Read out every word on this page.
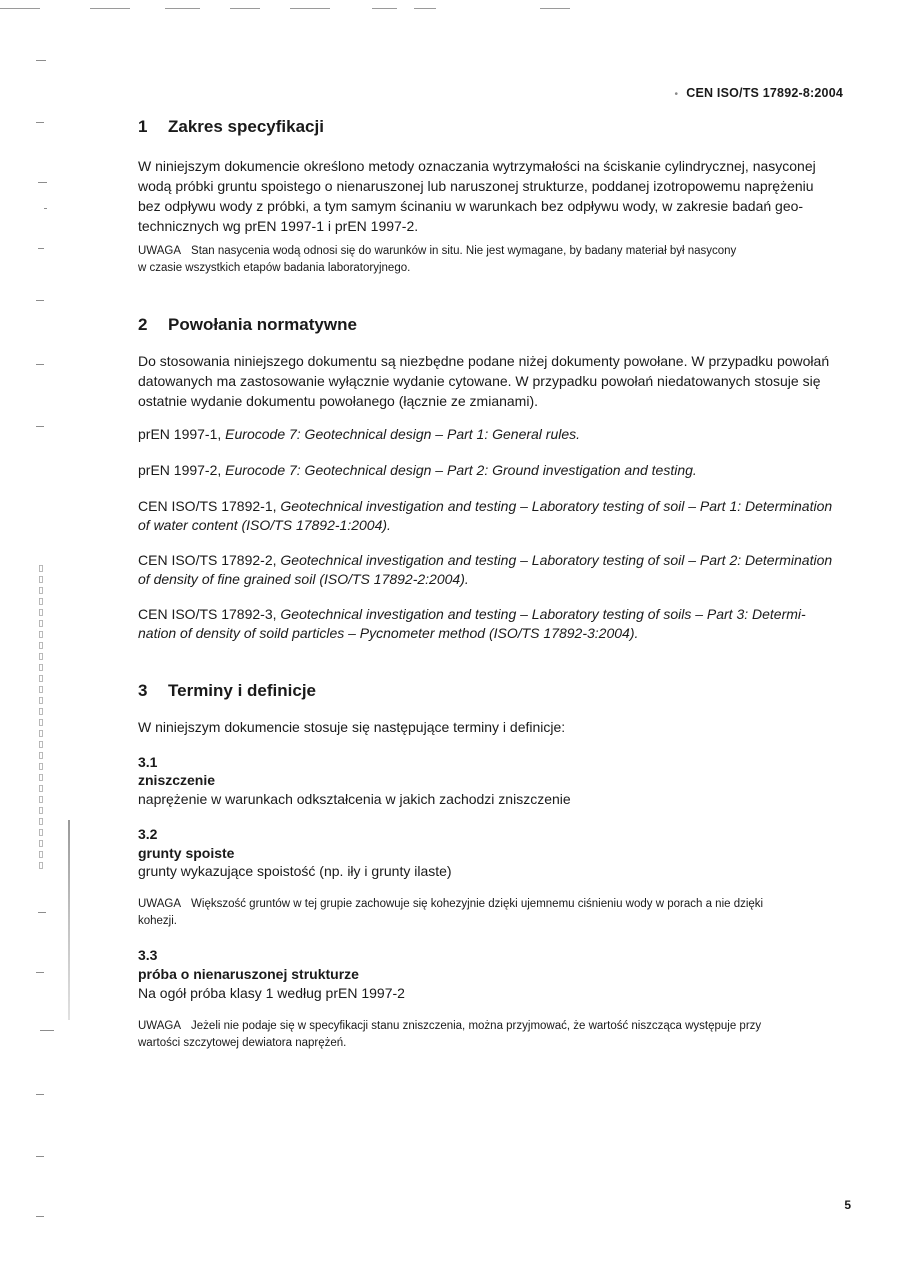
▯▯▯▯▯▯▯▯▯▯▯▯▯▯▯▯▯▯▯▯▯▯▯▯▯▯▯▯
• CEN ISO/TS 17892-8:2004
1 Zakres specyfikacji
W niniejszym dokumencie określono metody oznaczania wytrzymałości na ściskanie cylindrycznej, nasyconej
wodą próbki gruntu spoistego o nienaruszonej lub naruszonej strukturze, poddanej izotropowemu naprężeniu
bez odpływu wody z próbki, a tym samym ścinaniu w warunkach bez odpływu wody, w zakresie badań geo-
technicznych wg prEN 1997-1 i prEN 1997-2.
UWAGA Stan nasycenia wodą odnosi się do warunków in situ. Nie jest wymagane, by badany materiał był nasycony
w czasie wszystkich etapów badania laboratoryjnego.
2 Powołania normatywne
Do stosowania niniejszego dokumentu są niezbędne podane niżej dokumenty powołane. W przypadku powołań
datowanych ma zastosowanie wyłącznie wydanie cytowane. W przypadku powołań niedatowanych stosuje się
ostatnie wydanie dokumentu powołanego (łącznie ze zmianami).
prEN 1997-1, Eurocode 7: Geotechnical design – Part 1: General rules.
prEN 1997-2, Eurocode 7: Geotechnical design – Part 2: Ground investigation and testing.
CEN ISO/TS 17892-1, Geotechnical investigation and testing – Laboratory testing of soil – Part 1: Determination
of water content (ISO/TS 17892-1:2004).
CEN ISO/TS 17892-2, Geotechnical investigation and testing – Laboratory testing of soil – Part 2: Determination
of density of fine grained soil (ISO/TS 17892-2:2004).
CEN ISO/TS 17892-3, Geotechnical investigation and testing – Laboratory testing of soils – Part 3: Determi-
nation of density of soild particles – Pycnometer method (ISO/TS 17892-3:2004).
3 Terminy i definicje
W niniejszym dokumencie stosuje się następujące terminy i definicje:
3.1
zniszczenie
naprężenie w warunkach odkształcenia w jakich zachodzi zniszczenie
3.2
grunty spoiste
grunty wykazujące spoistość (np. iły i grunty ilaste)
UWAGA Większość gruntów w tej grupie zachowuje się kohezyjnie dzięki ujemnemu ciśnieniu wody w porach a nie dzięki
kohezji.
3.3
próba o nienaruszonej strukturze
Na ogół próba klasy 1 według prEN 1997-2
UWAGA Jeżeli nie podaje się w specyfikacji stanu zniszczenia, można przyjmować, że wartość niszcząca występuje przy
wartości szczytowej dewiatora naprężeń.
5
